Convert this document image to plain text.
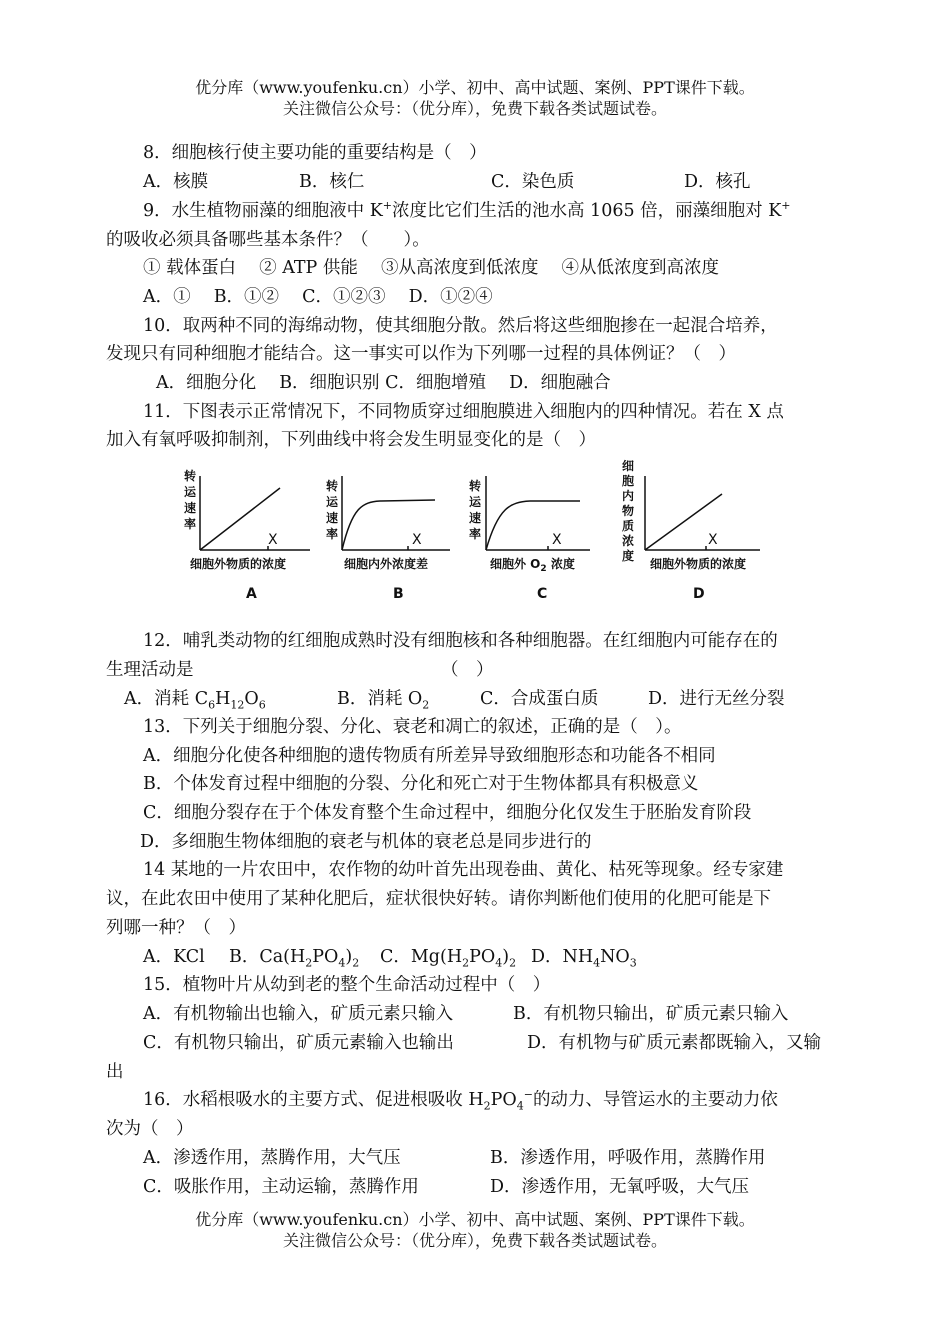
优分库（www.youfenku.cn）小学、初中、高中试题、案例、PPT课件下载。
关注微信公众号：（优分库），免费下载各类试题试卷。
8．细胞核行使主要功能的重要结构是（　）
A．核膜	B．核仁	C．染色质	D．核孔
9．水生植物丽藻的细胞液中 K+浓度比它们生活的池水高 1065 倍，丽藻细胞对 K+
的吸收必须具备哪些基本条件？（　　）。
① 载体蛋白　 ② ATP 供能　 ③从高浓度到低浓度　 ④从低浓度到高浓度
A．①　 B．①②　 C．①②③　 D．①②④
10．取两种不同的海绵动物，使其细胞分散。然后将这些细胞掺在一起混合培养，
发现只有同种细胞才能结合。这一事实可以作为下列哪一过程的具体例证？（　）
A．细胞分化　 B．细胞识别 C．细胞增殖　 D．细胞融合
11．下图表示正常情况下，不同物质穿过细胞膜进入细胞内的四种情况。若在 X 点
加入有氧呼吸抑制剂，下列曲线中将会发生明显变化的是（　）
转
运
速
率
X
细胞外物质的浓度
A
转
运
速
率	X
细胞内外浓度差
B
转
运
速
率	X
细胞外 $O_2$ 浓度
C
细
胞
内
物
质
浓
度
X
细胞外物质的浓度
D
12．哺乳类动物的红细胞成熟时没有细胞核和各种细胞器。在红细胞内可能存在的
生理活动是	（　）
A．消耗 $C_6H_{12}O_6$	B．消耗 $O_2$	C．合成蛋白质	D．进行无丝分裂
13．下列关于细胞分裂、分化、衰老和凋亡的叙述，正确的是（　）。
A．细胞分化使各种细胞的遗传物质有所差异导致细胞形态和功能各不相同
B．个体发育过程中细胞的分裂、分化和死亡对于生物体都具有积极意义
C．细胞分裂存在于个体发育整个生命过程中，细胞分化仅发生于胚胎发育阶段
D．多细胞生物体细胞的衰老与机体的衰老总是同步进行的
14 某地的一片农田中，农作物的幼叶首先出现卷曲、黄化、枯死等现象。经专家建
议，在此农田中使用了某种化肥后，症状很快好转。请你判断他们使用的化肥可能是下
列哪一种？（　）
A．KCl B．$Ca(H_2PO_4)_2$ C．$Mg(H_2PO_4)_2$ D．$NH_4NO_3$
15．植物叶片从幼到老的整个生命活动过程中（　）
A．有机物输出也输入，矿质元素只输入	B．有机物只输出，矿质元素只输入
C．有机物只输出，矿质元素输入也输出	D．有机物与矿质元素都既输入，又输
出
16．水稻根吸水的主要方式、促进根吸收 $H_2PO_4^-$的动力、导管运水的主要动力依
次为（　）
A．渗透作用，蒸腾作用，大气压	B．渗透作用，呼吸作用，蒸腾作用
C．吸胀作用，主动运输，蒸腾作用	D．渗透作用，无氧呼吸，大气压
优分库（www.youfenku.cn）小学、初中、高中试题、案例、PPT课件下载。
关注微信公众号：（优分库），免费下载各类试题试卷。
